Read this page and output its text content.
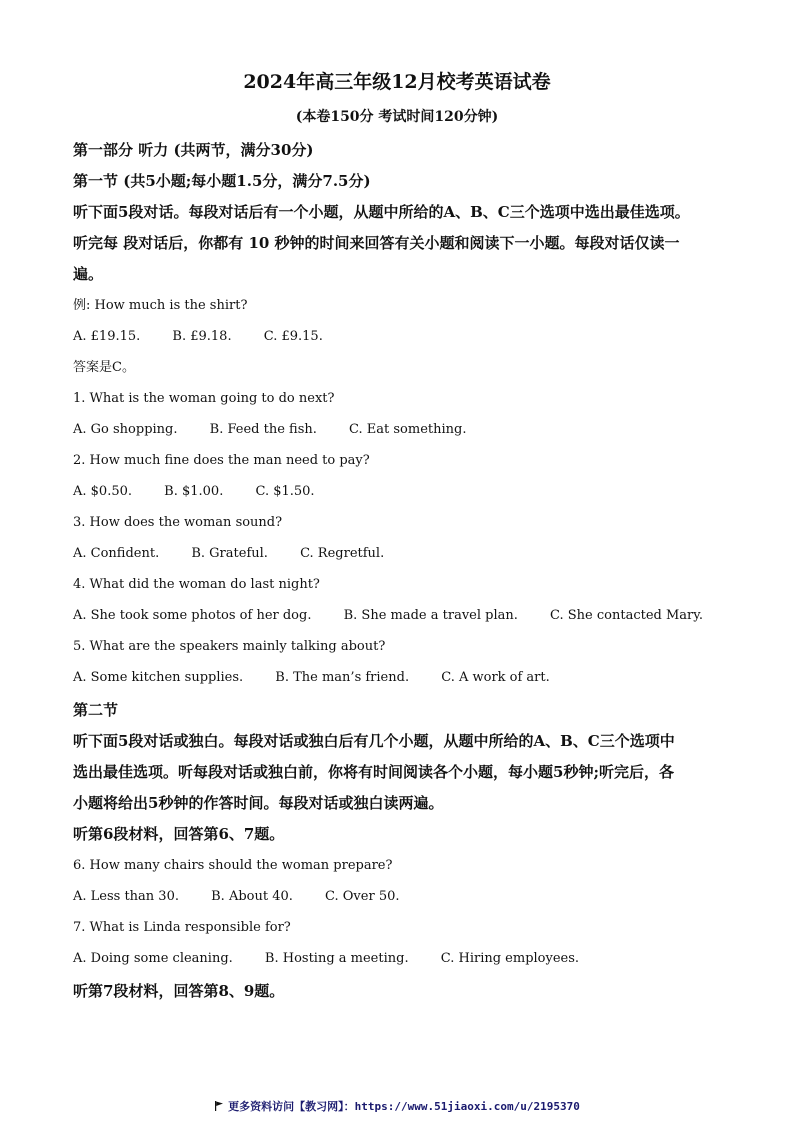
2024年高三年级12月校考英语试卷
(本卷150分 考试时间120分钟)
第一部分 听力 (共两节，满分30分)
第一节 (共5小题;每小题1.5分，满分7.5分)
听下面5段对话。每段对话后有一个小题，从题中所给的A、B、C三个选项中选出最佳选项。
听完每 段对话后，你都有 10 秒钟的时间来回答有关小题和阅读下一小题。每段对话仅读一
遍。
例: How much is the shirt?
A. £19.15. B. £9.18. C. £9.15.
答案是C。
1. What is the woman going to do next?
A. Go shopping. B. Feed the fish. C. Eat something.
2. How much fine does the man need to pay?
A. $0.50. B. $1.00. C. $1.50.
3. How does the woman sound?
A. Confident. B. Grateful. C. Regretful.
4. What did the woman do last night?
A. She took some photos of her dog. B. She made a travel plan. C. She contacted Mary.
5. What are the speakers mainly talking about?
A. Some kitchen supplies. B. The man’s friend. C. A work of art.
第二节
听下面5段对话或独白。每段对话或独白后有几个小题，从题中所给的A、B、C三个选项中
选出最佳选项。听每段对话或独白前，你将有时间阅读各个小题，每小题5秒钟;听完后，各
小题将给出5秒钟的作答时间。每段对话或独白读两遍。
听第6段材料，回答第6、7题。
6. How many chairs should the woman prepare?
A. Less than 30. B. About 40. C. Over 50.
7. What is Linda responsible for?
A. Doing some cleaning. B. Hosting a meeting. C. Hiring employees.
听第7段材料，回答第8、9题。
更多资料访问【教习网】：https://www.51jiaoxi.com/u/2195370
